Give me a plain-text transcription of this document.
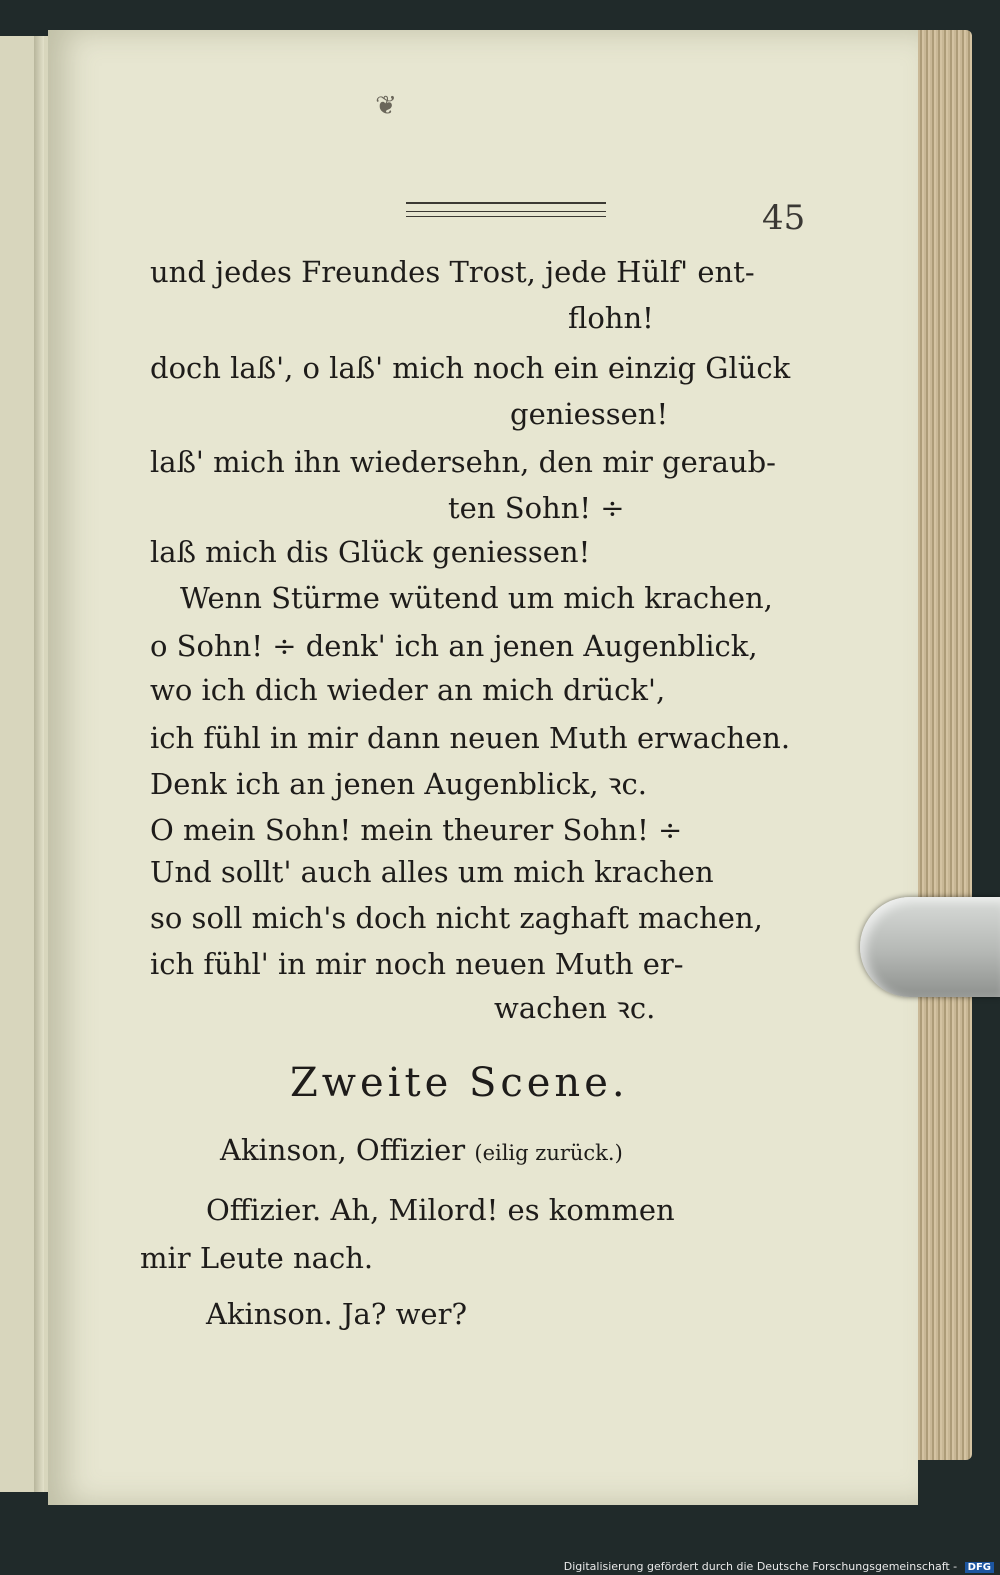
❦
45
und jedes Freundes Trost, jede Hülf' ent-
flohn!
doch laß', o laß' mich noch ein einzig Glück
geniessen!
laß' mich ihn wiedersehn, den mir geraub-
ten Sohn! ÷
laß mich dis Glück geniessen!
Wenn Stürme wütend um mich krachen,
o Sohn! ÷ denk' ich an jenen Augenblick,
wo ich dich wieder an mich drück',
ich fühl in mir dann neuen Muth erwachen.
Denk ich an jenen Augenblick, ꝛc.
O mein Sohn! mein theurer Sohn! ÷
Und sollt' auch alles um mich krachen
so soll mich's doch nicht zaghaft machen,
ich fühl' in mir noch neuen Muth er-
wachen ꝛc.
Zweite Scene.
Akinson, Offizier (eilig zurück.)
Offizier. Ah, Milord! es kommen
mir Leute nach.
Akinson. Ja? wer?
Digitalisierung gefördert durch die Deutsche Forschungsgemeinschaft - DFG
